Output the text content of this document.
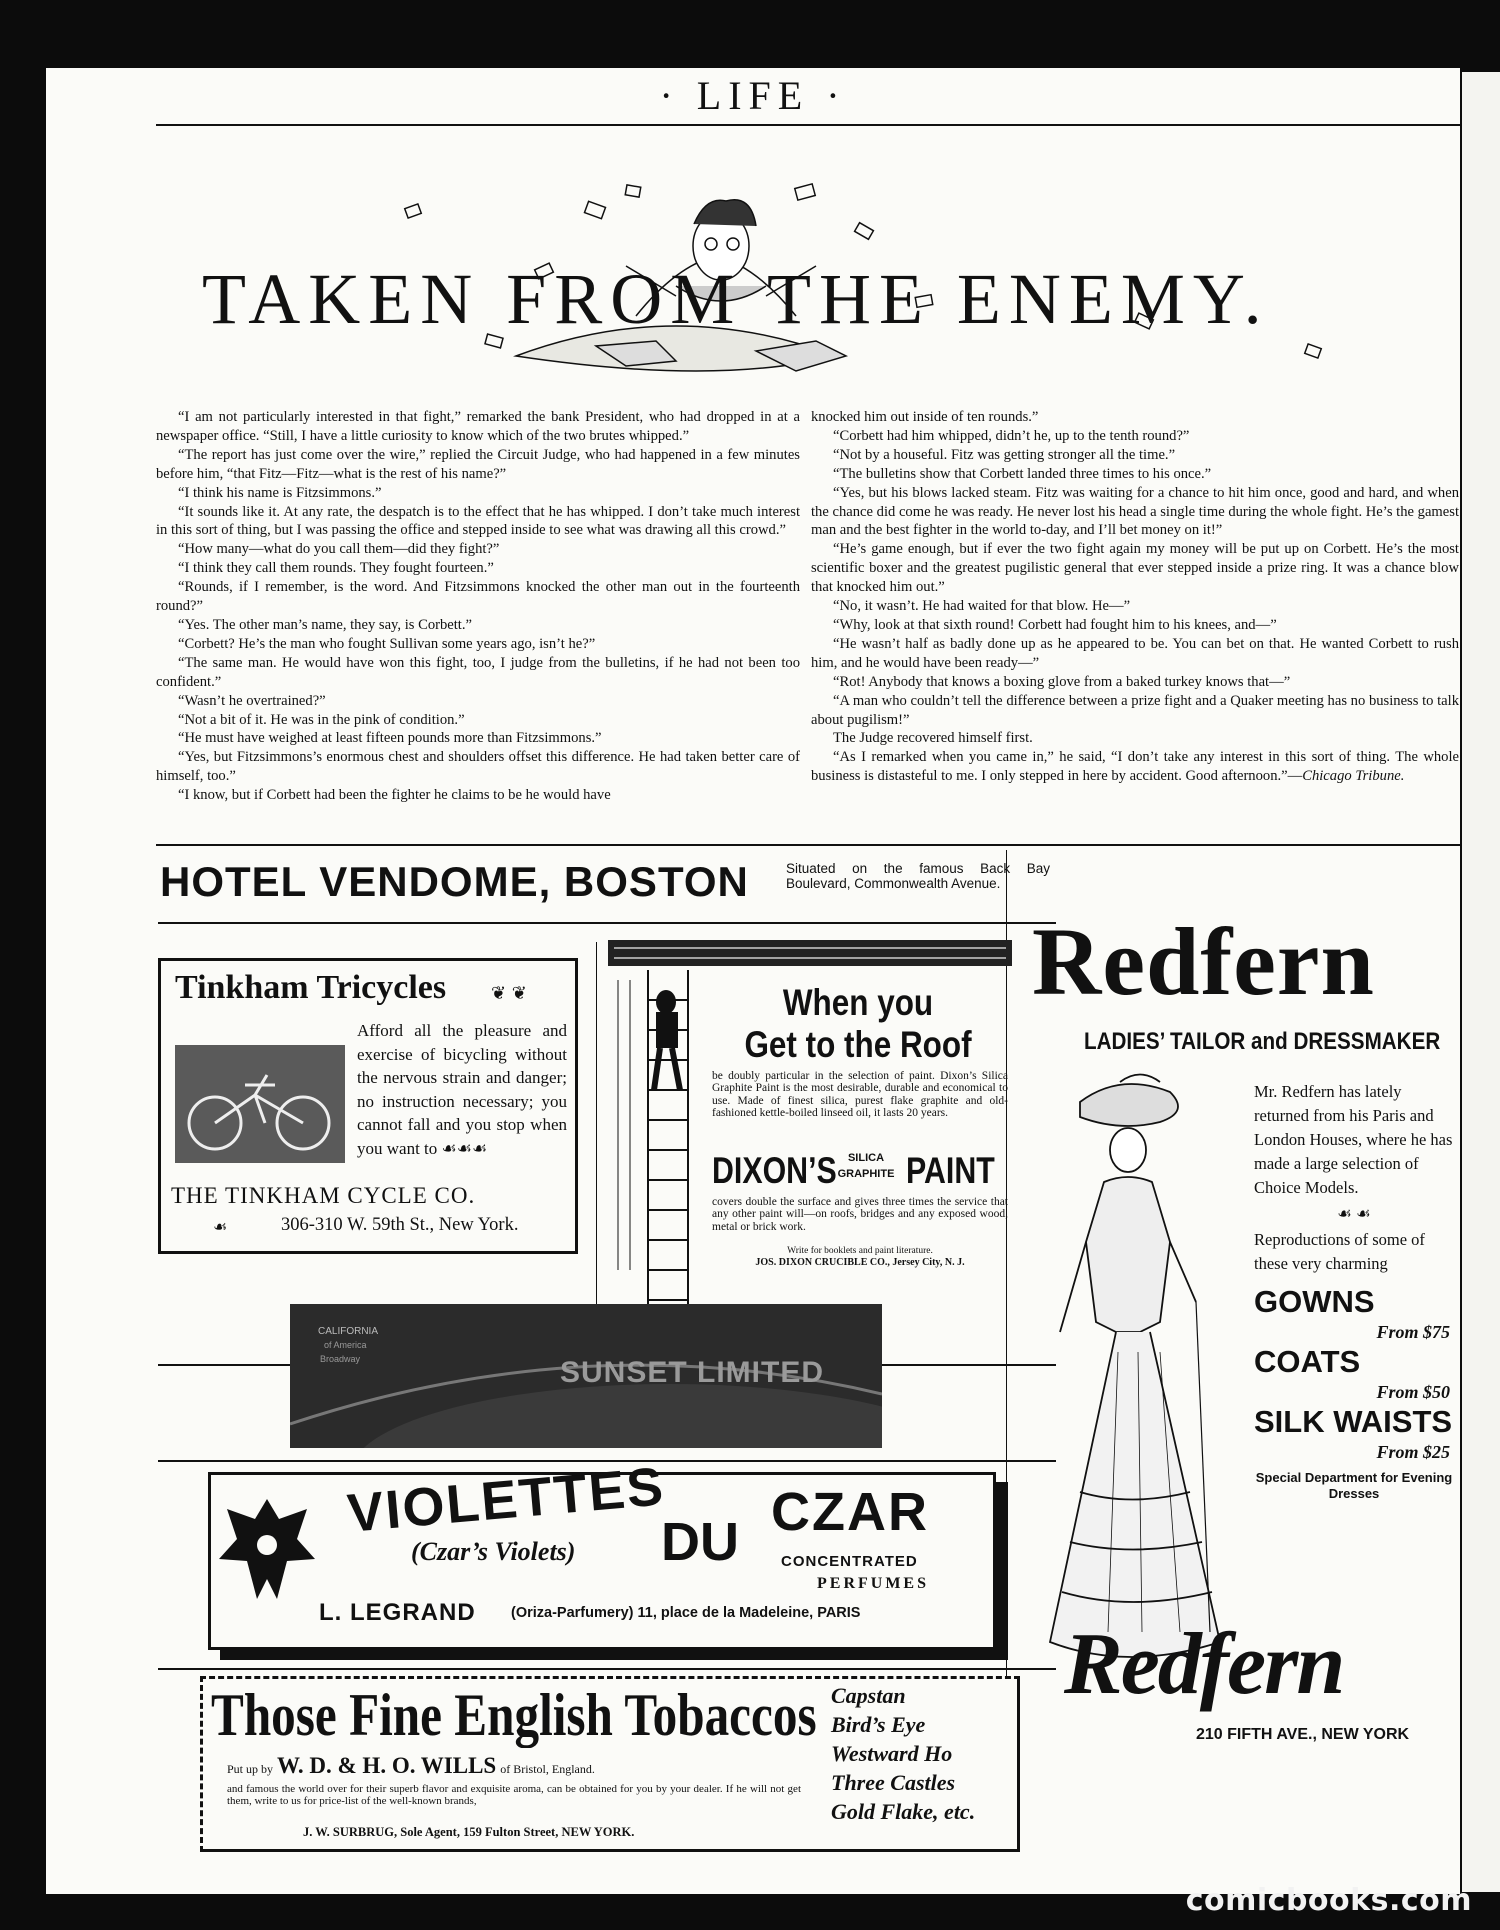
· LIFE ·
TAKEN FROM THE ENEMY.

“I am not particularly interested in that fight,” remarked the bank President, who had dropped in at a newspaper office. “Still, I have a little curiosity to know which of the two brutes whipped.”

“The report has just come over the wire,” replied the Circuit Judge, who had happened in a few minutes before him, “that Fitz—Fitz—what is the rest of his name?”

“I think his name is Fitzsimmons.”

“It sounds like it. At any rate, the despatch is to the effect that he has whipped. I don’t take much interest in this sort of thing, but I was passing the office and stepped inside to see what was drawing all this crowd.”

“How many—what do you call them—did they fight?”

“I think they call them rounds. They fought fourteen.”

“Rounds, if I remember, is the word. And Fitzsimmons knocked the other man out in the fourteenth round?”

“Yes. The other man’s name, they say, is Corbett.”

“Corbett? He’s the man who fought Sullivan some years ago, isn’t he?”

“The same man. He would have won this fight, too, I judge from the bulletins, if he had not been too confident.”

“Wasn’t he overtrained?”

“Not a bit of it. He was in the pink of condition.”

“He must have weighed at least fifteen pounds more than Fitzsimmons.”

“Yes, but Fitzsimmons’s enormous chest and shoulders offset this difference. He had taken better care of himself, too.”

“I know, but if Corbett had been the fighter he claims to be he would have

knocked him out inside of ten rounds.”

“Corbett had him whipped, didn’t he, up to the tenth round?”

“Not by a houseful. Fitz was getting stronger all the time.”

“The bulletins show that Corbett landed three times to his once.”

“Yes, but his blows lacked steam. Fitz was waiting for a chance to hit him once, good and hard, and when the chance did come he was ready. He never lost his head a single time during the whole fight. He’s the gamest man and the best fighter in the world to-day, and I’ll bet money on it!”

“He’s game enough, but if ever the two fight again my money will be put up on Corbett. He’s the most scientific boxer and the greatest pugilistic general that ever stepped inside a prize ring. It was a chance blow that knocked him out.”

“No, it wasn’t. He had waited for that blow. He—”

“Why, look at that sixth round! Corbett had fought him to his knees, and—”

“He wasn’t half as badly done up as he appeared to be. You can bet on that. He wanted Corbett to rush him, and he would have been ready—”

“Rot! Anybody that knows a boxing glove from a baked turkey knows that—”

“A man who couldn’t tell the difference between a prize fight and a Quaker meeting has no business to talk about pugilism!”

The Judge recovered himself first.

“As I remarked when you came in,” he said, “I don’t take any interest in this sort of thing. The whole business is distasteful to me. I only stepped in here by accident. Good afternoon.”—Chicago Tribune.

HOTEL VENDOME, BOSTON	Situated on the famous Back Bay Boulevard, Commonwealth Avenue.
Tinkham Tricycles ❦ ❦
Afford all the pleasure and exercise of bicycling without the nervous strain and danger; no instruction necessary; you cannot fall and you stop when you want to ☙☙☙
THE TINKHAM CYCLE CO.
☙	306-310 W. 59th St., New York.
When you
Get to the Roof
be doubly particular in the selection of paint. Dixon’s Silica Graphite Paint is the most desirable, durable and economical to use. Made of finest silica, purest flake graphite and old-fashioned kettle-boiled linseed oil, it lasts 20 years.
DIXON’S	SILICA
GRAPHITE PAINT
covers double the surface and gives three times the service that any other paint will—on roofs, bridges and any exposed wood, metal or brick work.
Write for booklets and paint literature.
JOS. DIXON CRUCIBLE CO., Jersey City, N. J.
SUNSET LIMITED
CALIFORNIA
of America
Broadway
VIOLETTES
DU CZAR
(Czar’s Violets)	CONCENTRATED
PERFUMES
L. LEGRAND (Oriza-Parfumery) 11, place de la Madeleine, PARIS
Those Fine English Tobaccos
Put up by W. D. & H. O. WILLS of Bristol, England.
and famous the world over for their superb flavor and exquisite aroma, can be obtained for you by your dealer. If he will not get them, write to us for price-list of the well-known brands,
J. W. SURBRUG, Sole Agent, 159 Fulton Street, NEW YORK.
Capstan
Bird’s Eye
Westward Ho
Three Castles
Gold Flake, etc.
Redfern
LADIES’ TAILOR and DRESSMAKER
Mr. Redfern has lately returned from his Paris and London Houses, where he has made a large selection of Choice Models.
☙ ☙
Reproductions of some of these very charming
GOWNS
From $75
COATS
From $50
SILK WAISTS
From $25
Special Department for Evening Dresses
Redfern
210 FIFTH AVE., NEW YORK
comicbooks.com
